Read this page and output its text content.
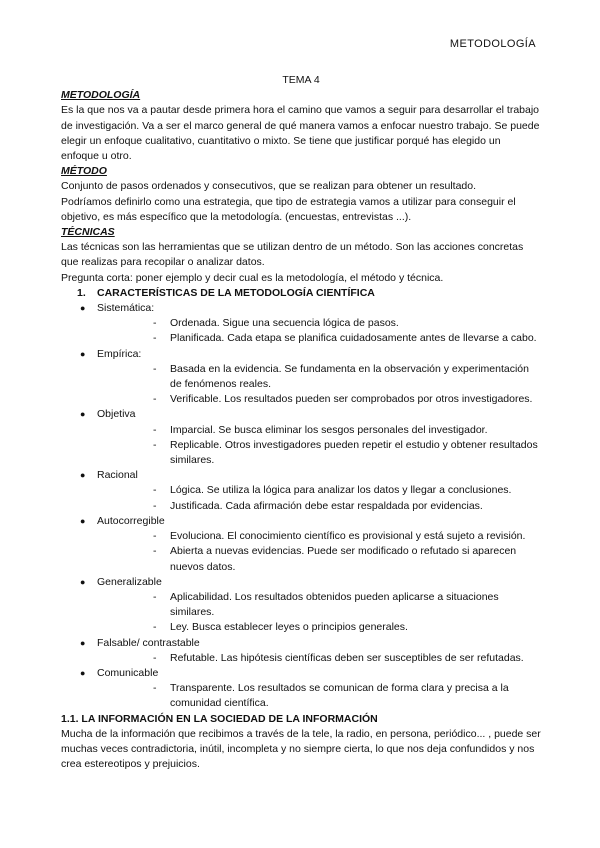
METODOLOGÍA

TEMA 4

METODOLOGÍA

Es la que nos va a pautar desde primera hora el camino que vamos a seguir para desarrollar el trabajo de investigación. Va a ser el marco general de qué manera vamos a enfocar nuestro trabajo. Se puede elegir un enfoque cualitativo, cuantitativo o mixto. Se tiene que justificar porqué has elegido un enfoque u otro.

MÉTODO

Conjunto de pasos ordenados y consecutivos, que se realizan para obtener un resultado.

Podríamos definirlo como una estrategia, que tipo de estrategia vamos a utilizar para conseguir el objetivo, es más específico que la metodología. (encuestas, entrevistas ...).

TÉCNICAS

Las técnicas son las herramientas que se utilizan dentro de un método. Son las acciones concretas que realizas para recopilar o analizar datos.

Pregunta corta: poner ejemplo y decir cual es la metodología, el método y técnica.

1.	CARACTERÍSTICAS DE LA METODOLOGÍA CIENTÍFICA
● Sistemática:
- Ordenada. Sigue una secuencia lógica de pasos.
- Planificada. Cada etapa se planifica cuidadosamente antes de llevarse a cabo.
● Empírica:
- Basada en la evidencia. Se fundamenta en la observación y experimentación de fenómenos reales.
- Verificable. Los resultados pueden ser comprobados por otros investigadores.
● Objetiva
- Imparcial. Se busca eliminar los sesgos personales del investigador.
- Replicable. Otros investigadores pueden repetir el estudio y obtener resultados similares.
● Racional
- Lógica. Se utiliza la lógica para analizar los datos y llegar a conclusiones.
- Justificada. Cada afirmación debe estar respaldada por evidencias.
● Autocorregible
- Evoluciona. El conocimiento científico es provisional y está sujeto a revisión.
- Abierta a nuevas evidencias. Puede ser modificado o refutado si aparecen nuevos datos.
● Generalizable
- Aplicabilidad. Los resultados obtenidos pueden aplicarse a situaciones similares.
- Ley. Busca establecer leyes o principios generales.
● Falsable/ contrastable
- Refutable. Las hipótesis científicas deben ser susceptibles de ser refutadas.
● Comunicable
- Transparente. Los resultados se comunican de forma clara y precisa a la comunidad científica.

1.1. LA INFORMACIÓN EN LA SOCIEDAD DE LA INFORMACIÓN

Mucha de la información que recibimos a través de la tele, la radio, en persona, periódico... , puede ser muchas veces contradictoria, inútil, incompleta y no siempre cierta, lo que nos deja confundidos y nos crea estereotipos y prejuicios.
